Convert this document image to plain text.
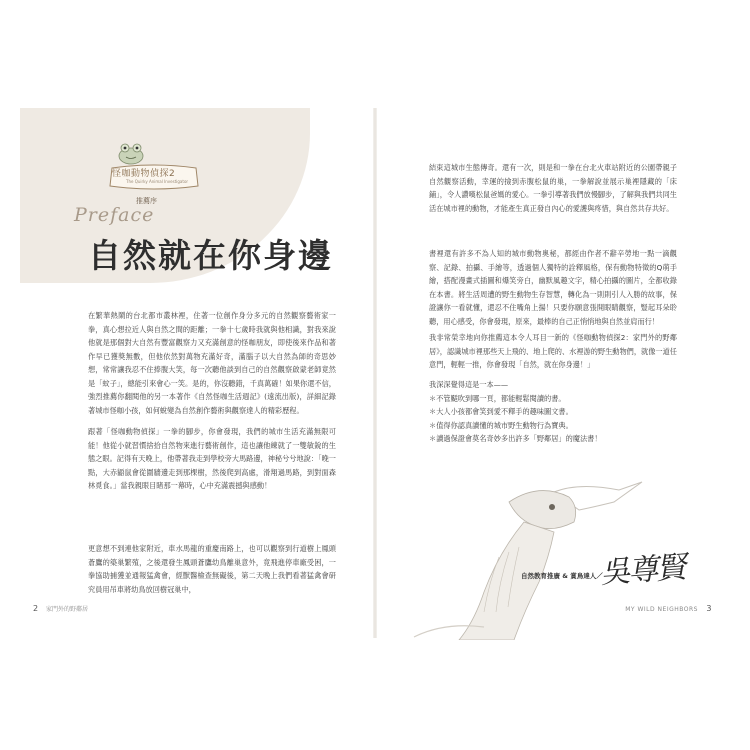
怪咖動物偵探2
The Quirky Animal Investigator
推薦序
Preface
自然就在你身邊

在繁華熱鬧的台北都市叢林裡，住著一位創作身分多元的自然觀察藝術家一拳，真心想拉近人與自然之間的距離；一拳十七歲時我就與他相識，對我來說他就是那個對大自然有豐富觀察力又充滿創意的怪咖朋友，即使後來作品和著作早已獲獎無數，但他依然對萬物充滿好奇，滿腦子以大自然為師的奇思妙想，常常讓我忍不住捧腹大笑，每一次聽他談到自己的自然觀察啟蒙老師竟然是「蚊子」，總能引來會心一笑。是的，你沒聽錯，千真萬確！如果你還不信，強烈推薦你翻閱他的另一本著作《自然怪咖生活週記》(遠流出版)，詳細記錄著城市怪咖小孩，如何蛻變為自然創作藝術與觀察達人的精彩歷程。

跟著「怪咖動物偵探」一拳的腳步，你會發現，我們的城市生活充滿無限可能！他從小就習慣捨拾自然物來進行藝術創作，這也讓他練就了一雙敏銳的生態之眼。記得有天晚上，他帶著我走到學校旁大馬路邊，神秘兮兮地說：「晚一點，大赤鼯鼠會從圍牆邊走到那棵樹，然後爬到高處，滑翔過馬路，到對面森林覓食。」當我親眼目睹那一幕時，心中充滿震撼與感動！

更意想不到連他家附近，車水馬龍的重慶南路上，也可以觀察到行道樹上鳳頭蒼鷹的築巢繁殖，之後還發生鳳頭蒼鷹幼鳥離巢意外，竟飛進停車廠受困，一拳協助捕獲並通報猛禽會，經獸醫檢查無礙後，第二天晚上我們看著猛禽會研究員用吊車將幼鳥放回樹冠巢中，

結束這城市生態傳奇。還有一次，則是和一拳在台北火車站附近的公園帶親子自然觀察活動，幸運的撿到赤腹松鼠的巢，一拳解說並展示巢裡隱藏的「床鋪」，令人讚嘆松鼠爸媽的愛心。一拳引導著我們放慢腳步，了解與我們共同生活在城市裡的動物，才能產生真正發自內心的愛護與疼惜，與自然共存共好。

書裡還有許多不為人知的城市動物奧秘，都經由作者不辭辛勞地一點一滴觀察、記錄、拍攝、手繪等，透過個人獨特的詮釋風格，保有動物特徵的Q萌手繪，搭配漫畫式插圖和爆笑旁白，幽默風趣文字，精心拍攝的圖片，全都收錄在本書。將生活周遭的野生動物生存智慧，轉化為一則則引人入勝的故事，保證讓你一看就懂，還忍不住嘴角上揚！只要你願意張開眼睛觀察，豎起耳朵聆聽，用心感受，你會發現，原來，最棒的自己正悄悄地與自然並肩而行！

我非常榮幸地向你推薦這本令人耳目一新的《怪咖動物偵探2：家門外的野鄰居》，認識城市裡那些天上飛的、地上爬的、水裡游的野生動物們，就像一道任意門，輕輕一推，你會發現「自然，就在你身邊！」

我深深覺得這是一本——
＊不管颳吹到哪一頁，都能輕鬆閱讀的書。
＊大人小孩都會笑到愛不釋手的趣味圖文書。
＊值得你認真讀懂的城市野生動物行為寶典。
＊讀過保證會莫名奇妙多出許多「野鄰居」的魔法書！
自然教育推廣 & 賞鳥達人／
吳尊賢
2 家門外的野鄰居	MY WILD NEIGHBORS 3
